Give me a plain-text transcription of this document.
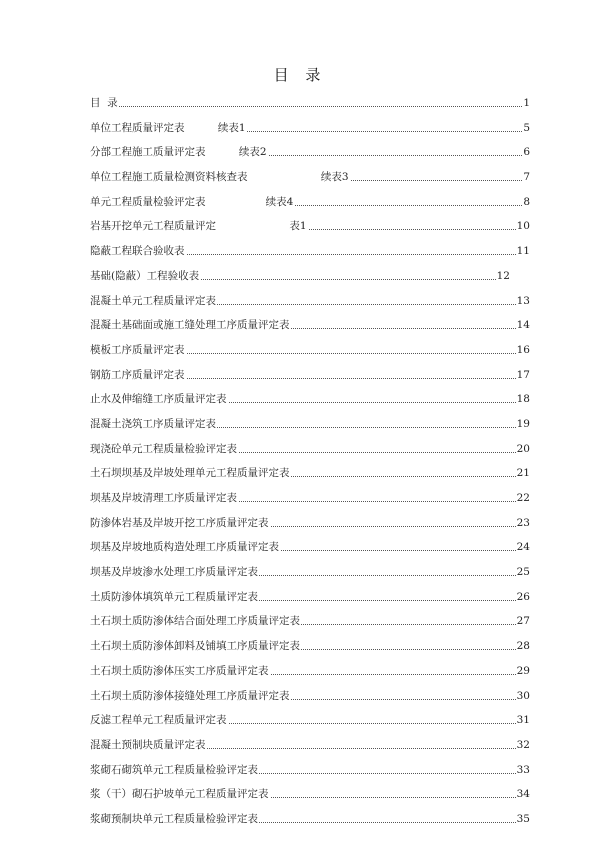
目 录
目  录	1
单位工程质量评定表          续表1	5
分部工程施工质量评定表          续表2	6
单位工程施工质量检测资料核查表                      续表3	7
单元工程质量检验评定表                  续表4	8
岩基开挖单元工程质量评定                      表1	10
隐蔽工程联合验收表	11
基础(隐蔽）工程验收表	12
混凝土单元工程质量评定表	13
混凝土基础面或施工缝处理工序质量评定表	14
模板工序质量评定表	16
钢筋工序质量评定表	17
止水及伸缩缝工序质量评定表	18
混凝土浇筑工序质量评定表	19
现浇砼单元工程质量检验评定表	20
土石坝坝基及岸坡处理单元工程质量评定表	21
坝基及岸坡清理工序质量评定表	22
防渗体岩基及岸坡开挖工序质量评定表	23
坝基及岸坡地质构造处理工序质量评定表	24
坝基及岸坡渗水处理工序质量评定表	25
土质防渗体填筑单元工程质量评定表	26
土石坝土质防渗体结合面处理工序质量评定表	27
土石坝土质防渗体卸料及铺填工序质量评定表	28
土石坝土质防渗体压实工序质量评定表	29
土石坝土质防渗体接缝处理工序质量评定表	30
反滤工程单元工程质量评定表	31
混凝土预制块质量评定表	32
浆砌石砌筑单元工程质量检验评定表	33
浆（干）砌石护坡单元工程质量评定表	34
浆砌预制块单元工程质量检验评定表	35
